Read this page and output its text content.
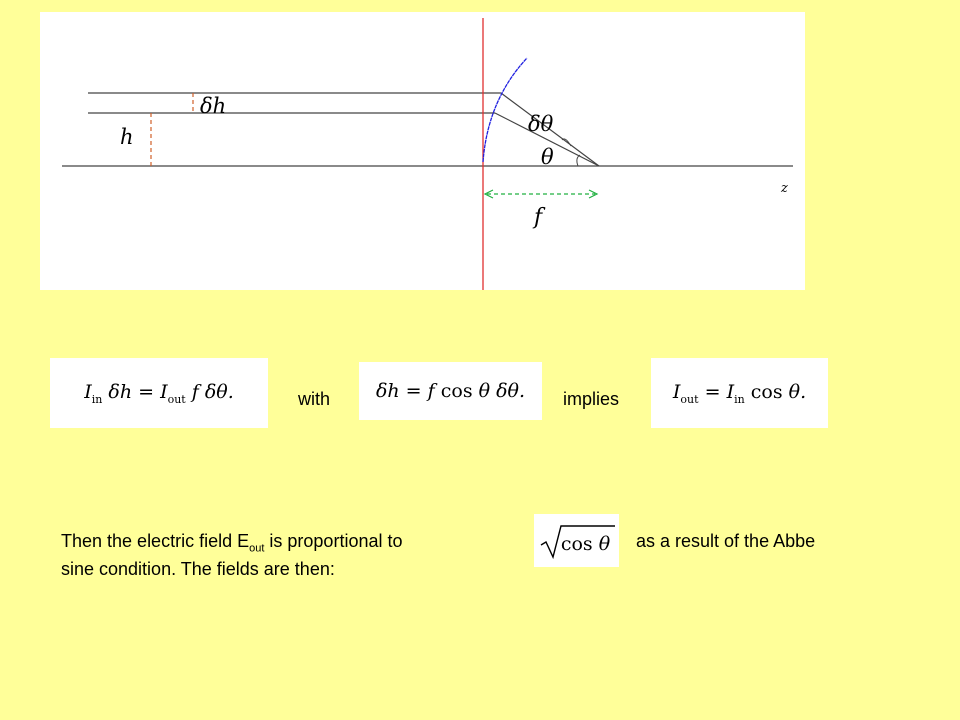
δh
h
δθ
θ
f
z
$I_{in}$ $\delta h = I_{out}$ f δθ.	with δh = f cos θ δθ. implies	$I_{out} = I_{in}$ cos θ.
Then the electric field $E_{out}$ is proportional to	cos θ as a result of the Abbe
sine condition. The fields are then:
